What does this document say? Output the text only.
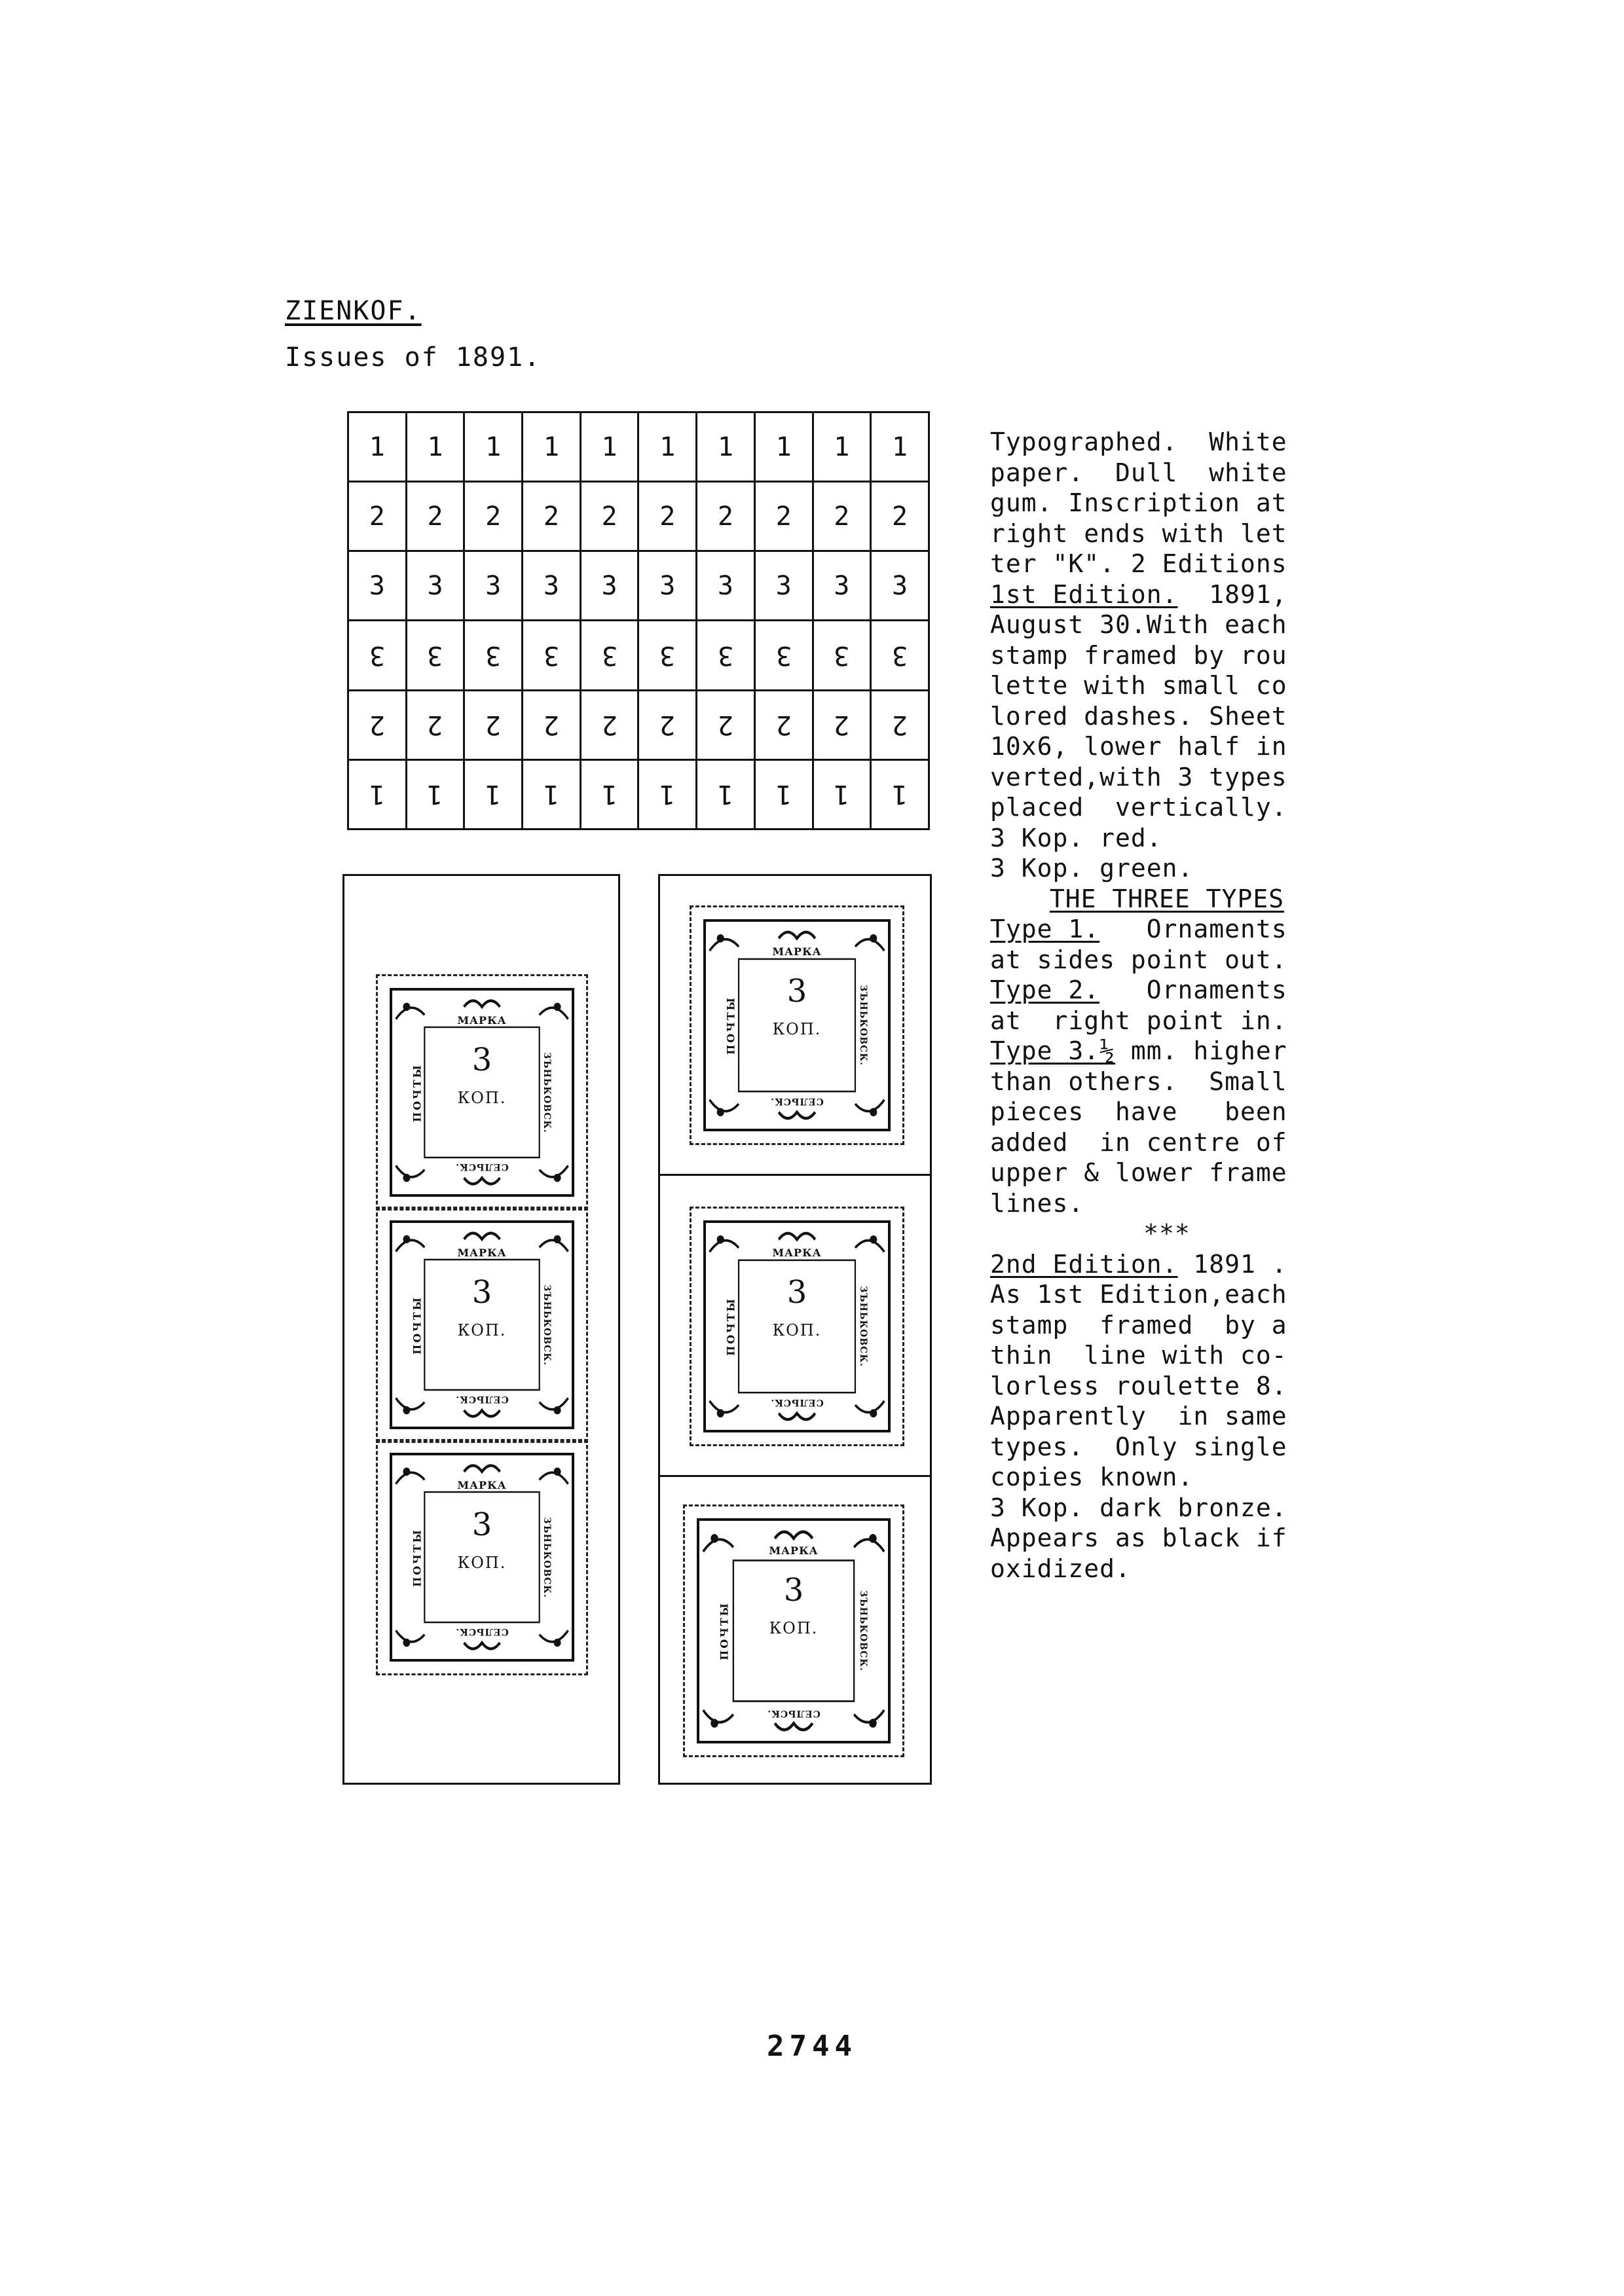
ZIENKOF.
Issues of 1891.
1	1	1	1	1	1	1	1	1	1
2	2	2	2	2	2	2	2	2	2
3	3	3	3	3	3	3	3	3	3
3	3	3	3	3	3	3	3	3	3
2	2	2	2	2	2	2	2	2	2
1	1	1	1	1	1	1	1	1	1
МАРКА
3
КОП.
СЕЛЬСК.
ПОЧТЫ	ЗЪНЬКОВСК.
МАРКА
3
КОП.
СЕЛЬСК.
ПОЧТЫ	ЗЪНЬКОВСК.
МАРКА
3
КОП.
СЕЛЬСК.
ПОЧТЫ	ЗЪНЬКОВСК.
МАРКА
3
КОП.
СЕЛЬСК.
ПОЧТЫ	ЗЪНЬКОВСК.
МАРКА
3
КОП.
СЕЛЬСК.
ПОЧТЫ	ЗЪНЬКОВСК.
МАРКА
3
КОП.
СЕЛЬСК.
ПОЧТЫ	ЗЪНЬКОВСК.
Typographed.  White
paper.  Dull  white
gum. Inscription at
right ends with let
ter "K". 2 Editions
1st Edition.  1891,
August 30.With each
stamp framed by rou
lette with small co
lored dashes. Sheet
10x6, lower half in
verted,with 3 types
placed  vertically.
3 Kop. red.
3 Kop. green.
THE THREE TYPES
Type 1.   Ornaments
at sides point out.
Type 2.   Ornaments
at  right point in.
Type 3.½ mm. higher
than others.  Small
pieces  have   been
added  in centre of
upper & lower frame
lines.
***
2nd Edition. 1891 .
As 1st Edition,each
stamp  framed  by a
thin  line with co-
lorless roulette 8.
Apparently  in same
types.  Only single
copies known.
3 Kop. dark bronze.
Appears as black if
oxidized.
2744
